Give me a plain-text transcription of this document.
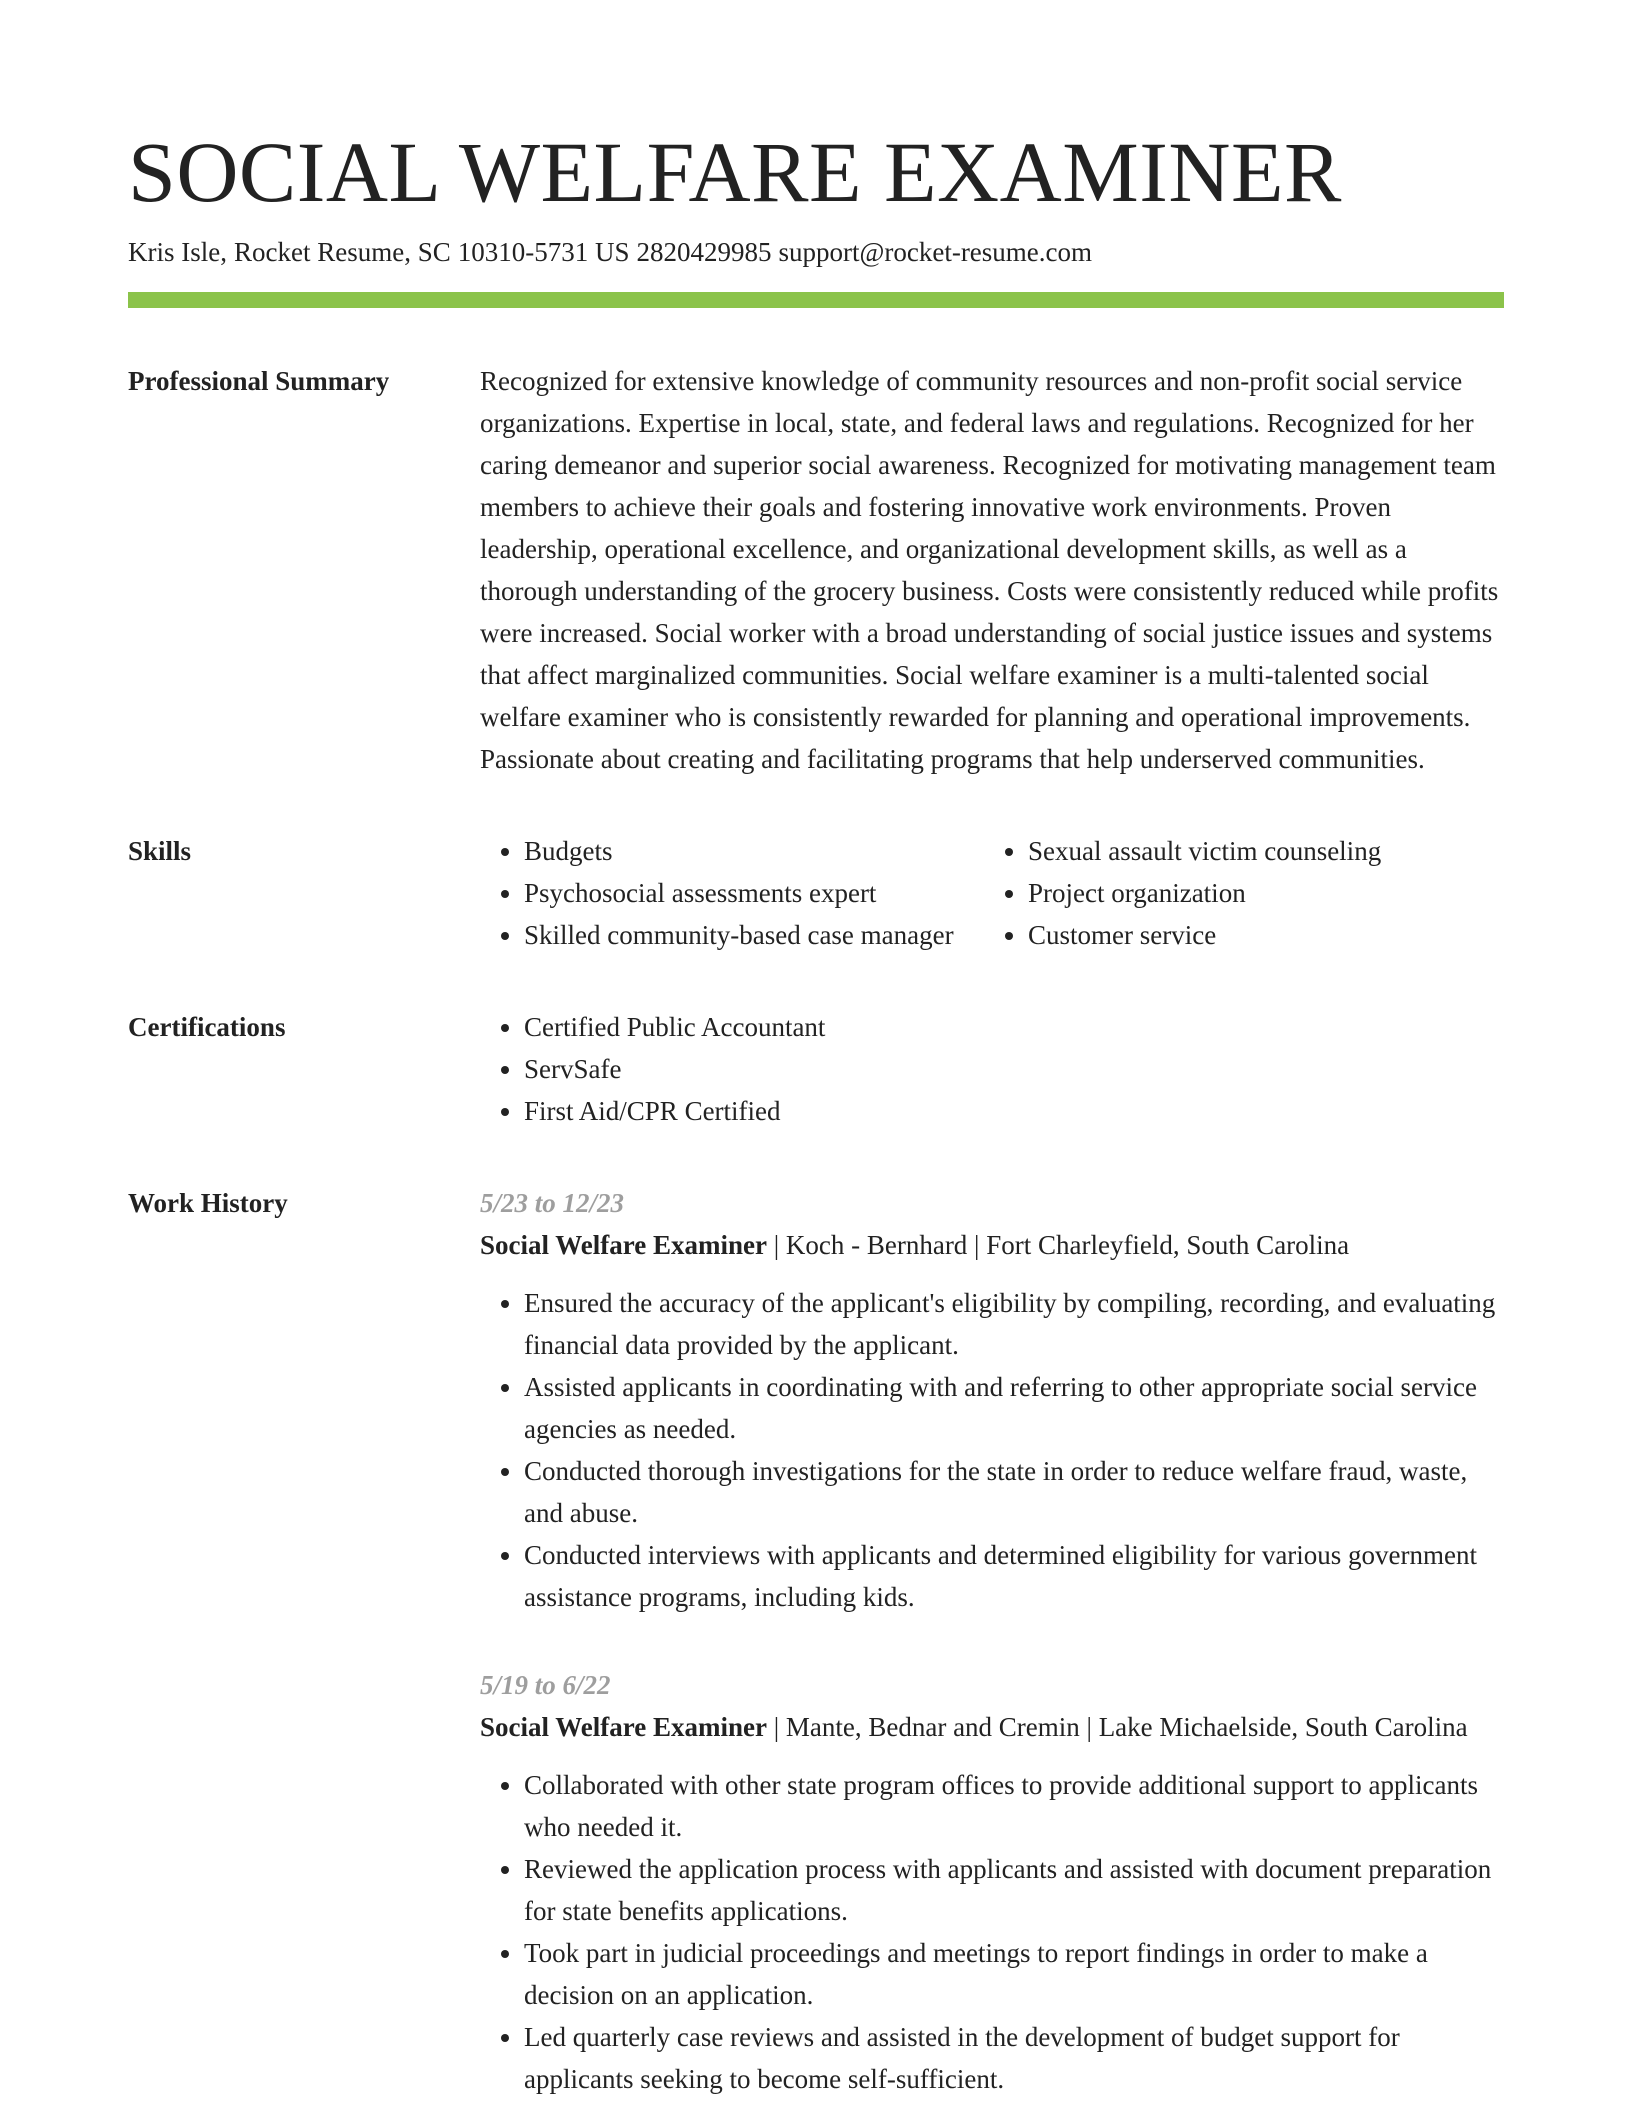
SOCIAL WELFARE EXAMINER
Kris Isle, Rocket Resume, SC 10310-5731 US 2820429985 support@rocket-resume.com
Professional Summary	Recognized for extensive knowledge of community resources and non-profit social service organizations. Expertise in local, state, and federal laws and regulations. Recognized for her caring demeanor and superior social awareness. Recognized for motivating management team members to achieve their goals and fostering innovative work environments. Proven leadership, operational excellence, and organizational development skills, as well as a thorough understanding of the grocery business. Costs were consistently reduced while profits were increased. Social worker with a broad understanding of social justice issues and systems that affect marginalized communities. Social welfare examiner is a multi-talented social welfare examiner who is consistently rewarded for planning and operational improvements. Passionate about creating and facilitating programs that help underserved communities.

Skills	• Budgets
• Psychosocial assessments expert
• Skilled community-based case manager
• Sexual assault victim counseling
• Project organization
• Customer service
Certifications	• Certified Public Accountant
• ServSafe
• First Aid/CPR Certified
Work History	5/23 to 12/23
Social Welfare Examiner | Koch - Bernhard | Fort Charleyfield, South Carolina
• Ensured the accuracy of the applicant's eligibility by compiling, recording, and evaluating financial data provided by the applicant.
• Assisted applicants in coordinating with and referring to other appropriate social service agencies as needed.
• Conducted thorough investigations for the state in order to reduce welfare fraud, waste, and abuse.
• Conducted interviews with applicants and determined eligibility for various government assistance programs, including kids.
5/19 to 6/22
Social Welfare Examiner | Mante, Bednar and Cremin | Lake Michaelside, South Carolina
• Collaborated with other state program offices to provide additional support to applicants who needed it.
• Reviewed the application process with applicants and assisted with document preparation for state benefits applications.
• Took part in judicial proceedings and meetings to report findings in order to make a decision on an application.
• Led quarterly case reviews and assisted in the development of budget support for applicants seeking to become self-sufficient.
